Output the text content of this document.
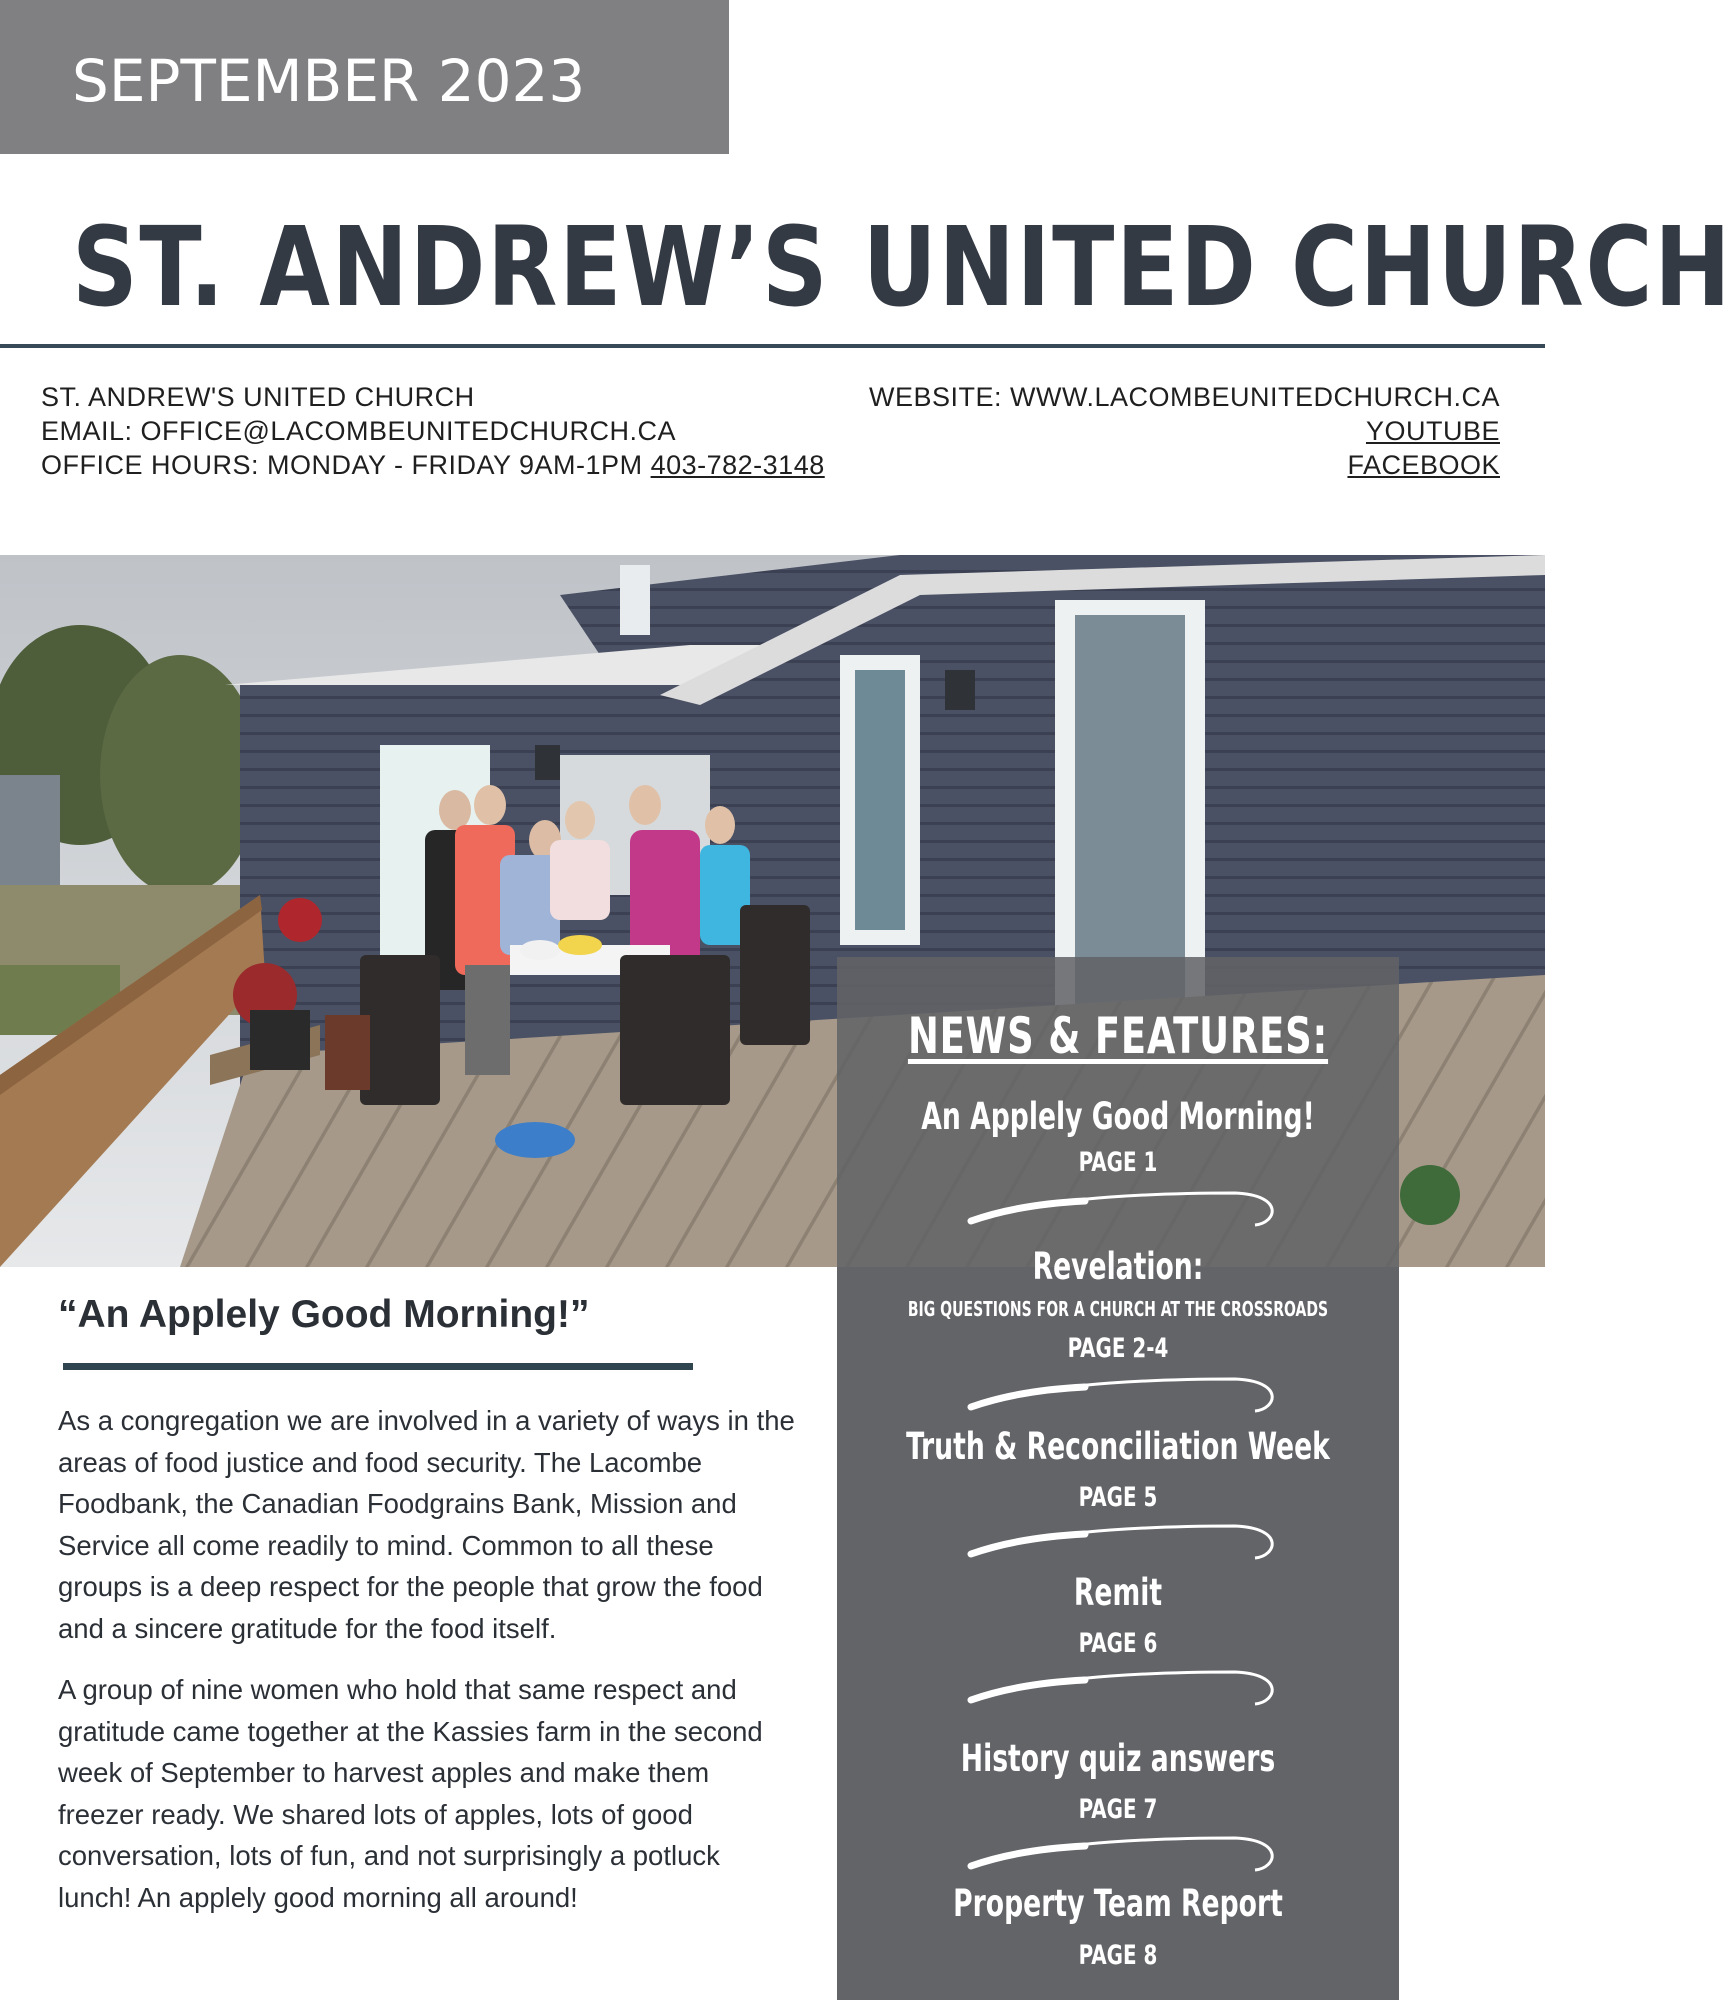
SEPTEMBER 2023
ST. ANDREW’S UNITED CHURCH
ST. ANDREW'S UNITED CHURCH
EMAIL: OFFICE@LACOMBEUNITEDCHURCH.CA
OFFICE HOURS: MONDAY - FRIDAY 9AM-1PM 403-782-3148
WEBSITE: WWW.LACOMBEUNITEDCHURCH.CA
YOUTUBE
FACEBOOK
NEWS & FEATURES:
An Applely Good Morning!
PAGE 1
Revelation:
BIG QUESTIONS FOR A CHURCH AT THE CROSSROADS
PAGE 2-4
Truth & Reconciliation Week
PAGE 5
Remit
PAGE 6
History quiz answers
PAGE 7
Property Team Report
PAGE 8
“An Applely Good Morning!”

As a congregation we are involved in a variety of ways in the areas of food justice and food security. The Lacombe Foodbank, the Canadian Foodgrains Bank, Mission and Service all come readily to mind. Common to all these groups is a deep respect for the people that grow the food and a sincere gratitude for the food itself.

A group of nine women who hold that same respect and gratitude came together at the Kassies farm in the second week of September to harvest apples and make them freezer ready. We shared lots of apples, lots of good conversation, lots of fun, and not surprisingly a potluck lunch! An applely good morning all around!
